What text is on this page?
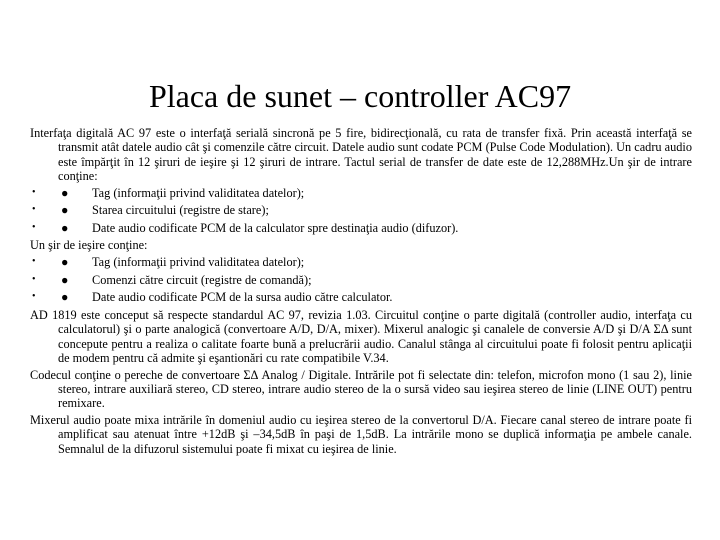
Placa de sunet – controller AC97
Interfaţa digitală AC 97 este o interfaţă serială sincronă pe 5 fire, bidirecţională, cu rata de transfer fixă. Prin această interfaţă se transmit atât datele audio cât şi comenzile către circuit. Datele audio sunt codate PCM (Pulse Code Modulation). Un cadru audio este împărţit în 12 şiruri de ieşire şi 12 şiruri de intrare. Tactul serial de transfer de date este de 12,288MHz.Un şir de intrare conţine:
• ● Tag (informaţii privind validitatea datelor);
• ● Starea circuitului (registre de stare);
• ● Date audio codificate PCM de la calculator spre destinaţia audio (difuzor).
Un şir de ieşire conţine:
• ● Tag (informaţii privind validitatea datelor);
• ● Comenzi către circuit (registre de comandă);
• ● Date audio codificate PCM de la sursa audio către calculator.
AD 1819 este conceput să respecte standardul AC 97, revizia 1.03. Circuitul conţine o parte digitală (controller audio, interfaţa cu calculatorul) şi o parte analogică (convertoare A/D, D/A, mixer). Mixerul analogic şi canalele de conversie A/D şi D/A ΣΔ sunt concepute pentru a realiza o calitate foarte bună a prelucrării audio. Canalul stânga al circuitului poate fi folosit pentru aplicaţii de modem pentru că admite şi eşantionări cu rate compatibile V.34.
Codecul conţine o pereche de convertoare ΣΔ Analog / Digitale. Intrările pot fi selectate din: telefon, microfon mono (1 sau 2), linie stereo, intrare auxiliară stereo, CD stereo, intrare audio stereo de la o sursă video sau ieşirea stereo de linie (LINE OUT) pentru remixare.
Mixerul audio poate mixa intrările în domeniul audio cu ieşirea stereo de la convertorul D/A. Fiecare canal stereo de intrare poate fi amplificat sau atenuat între +12dB şi –34,5dB în paşi de 1,5dB. La intrările mono se duplică informaţia pe ambele canale. Semnalul de la difuzorul sistemului poate fi mixat cu ieşirea de linie.
